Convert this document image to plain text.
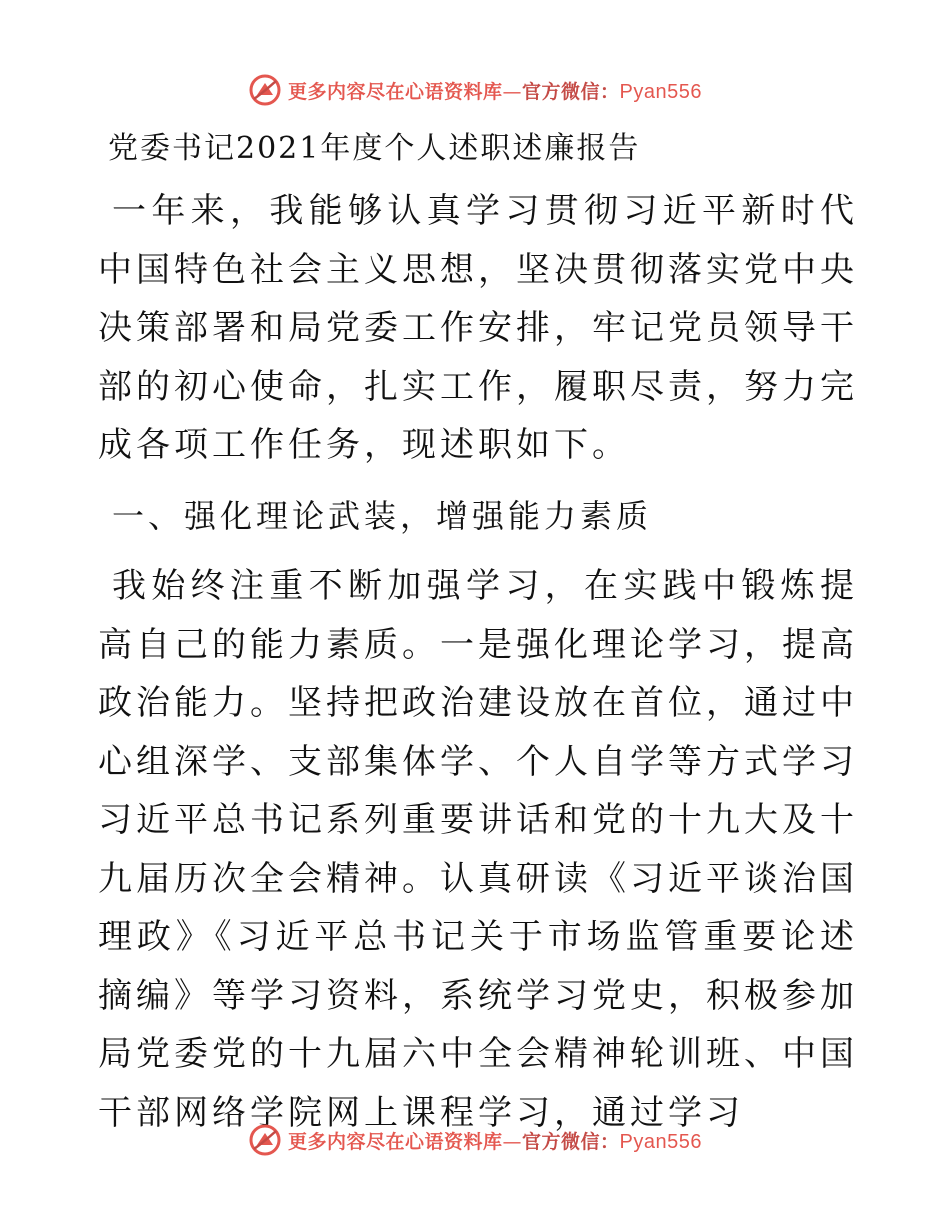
更多内容尽在心语资料库—官方微信：Pyan556
党委书记2021年度个人述职述廉报告

一年来，我能够认真学习贯彻习近平新时代中国特色社会主义思想，坚决贯彻落实党中央决策部署和局党委工作安排，牢记党员领导干部的初心使命，扎实工作，履职尽责，努力完成各项工作任务，现述职如下。

一、强化理论武装，增强能力素质

我始终注重不断加强学习，在实践中锻炼提高自己的能力素质。一是强化理论学习，提高政治能力。坚持把政治建设放在首位，通过中心组深学、支部集体学、个人自学等方式学习习近平总书记系列重要讲话和党的十九大及十九届历次全会精神。认真研读《习近平谈治国理政》《习近平总书记关于市场监管重要论述摘编》等学习资料，系统学习党史，积极参加局党委党的十九届六中全会精神轮训班、中国干部网络学院网上课程学习，通过学习

更多内容尽在心语资料库—官方微信：Pyan556
